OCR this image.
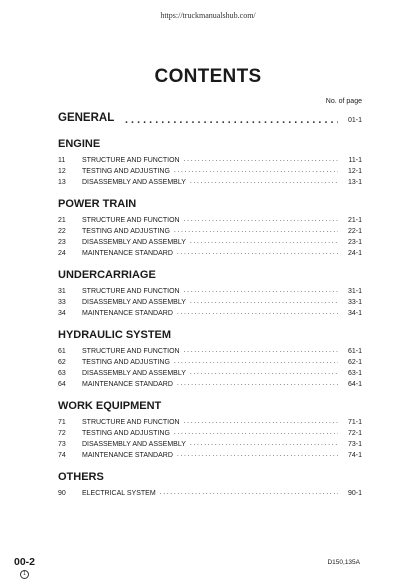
https://truckmanualshub.com/
CONTENTS
No. of page
GENERAL .....	01-1
ENGINE
11	STRUCTURE AND FUNCTION .....	11-1
12	TESTING AND ADJUSTING .....	12-1
13	DISASSEMBLY AND ASSEMBLY .....	13-1
POWER TRAIN
21	STRUCTURE AND FUNCTION .....	21-1
22	TESTING AND ADJUSTING .....	22-1
23	DISASSEMBLY AND ASSEMBLY .....	23-1
24	MAINTENANCE STANDARD .....	24-1
UNDERCARRIAGE
31	STRUCTURE AND FUNCTION .....	31-1
33	DISASSEMBLY AND ASSEMBLY .....	33-1
34	MAINTENANCE STANDARD .....	34-1
HYDRAULIC SYSTEM
61	STRUCTURE AND FUNCTION .....	61-1
62	TESTING AND ADJUSTING .....	62-1
63	DISASSEMBLY AND ASSEMBLY .....	63-1
64	MAINTENANCE STANDARD .....	64-1
WORK EQUIPMENT
71	STRUCTURE AND FUNCTION .....	71-1
72	TESTING AND ADJUSTING .....	72-1
73	DISASSEMBLY AND ASSEMBLY .....	73-1
74	MAINTENANCE STANDARD .....	74-1
OTHERS
90	ELECTRICAL SYSTEM .....	90-1
00-2
1
D150,135A
